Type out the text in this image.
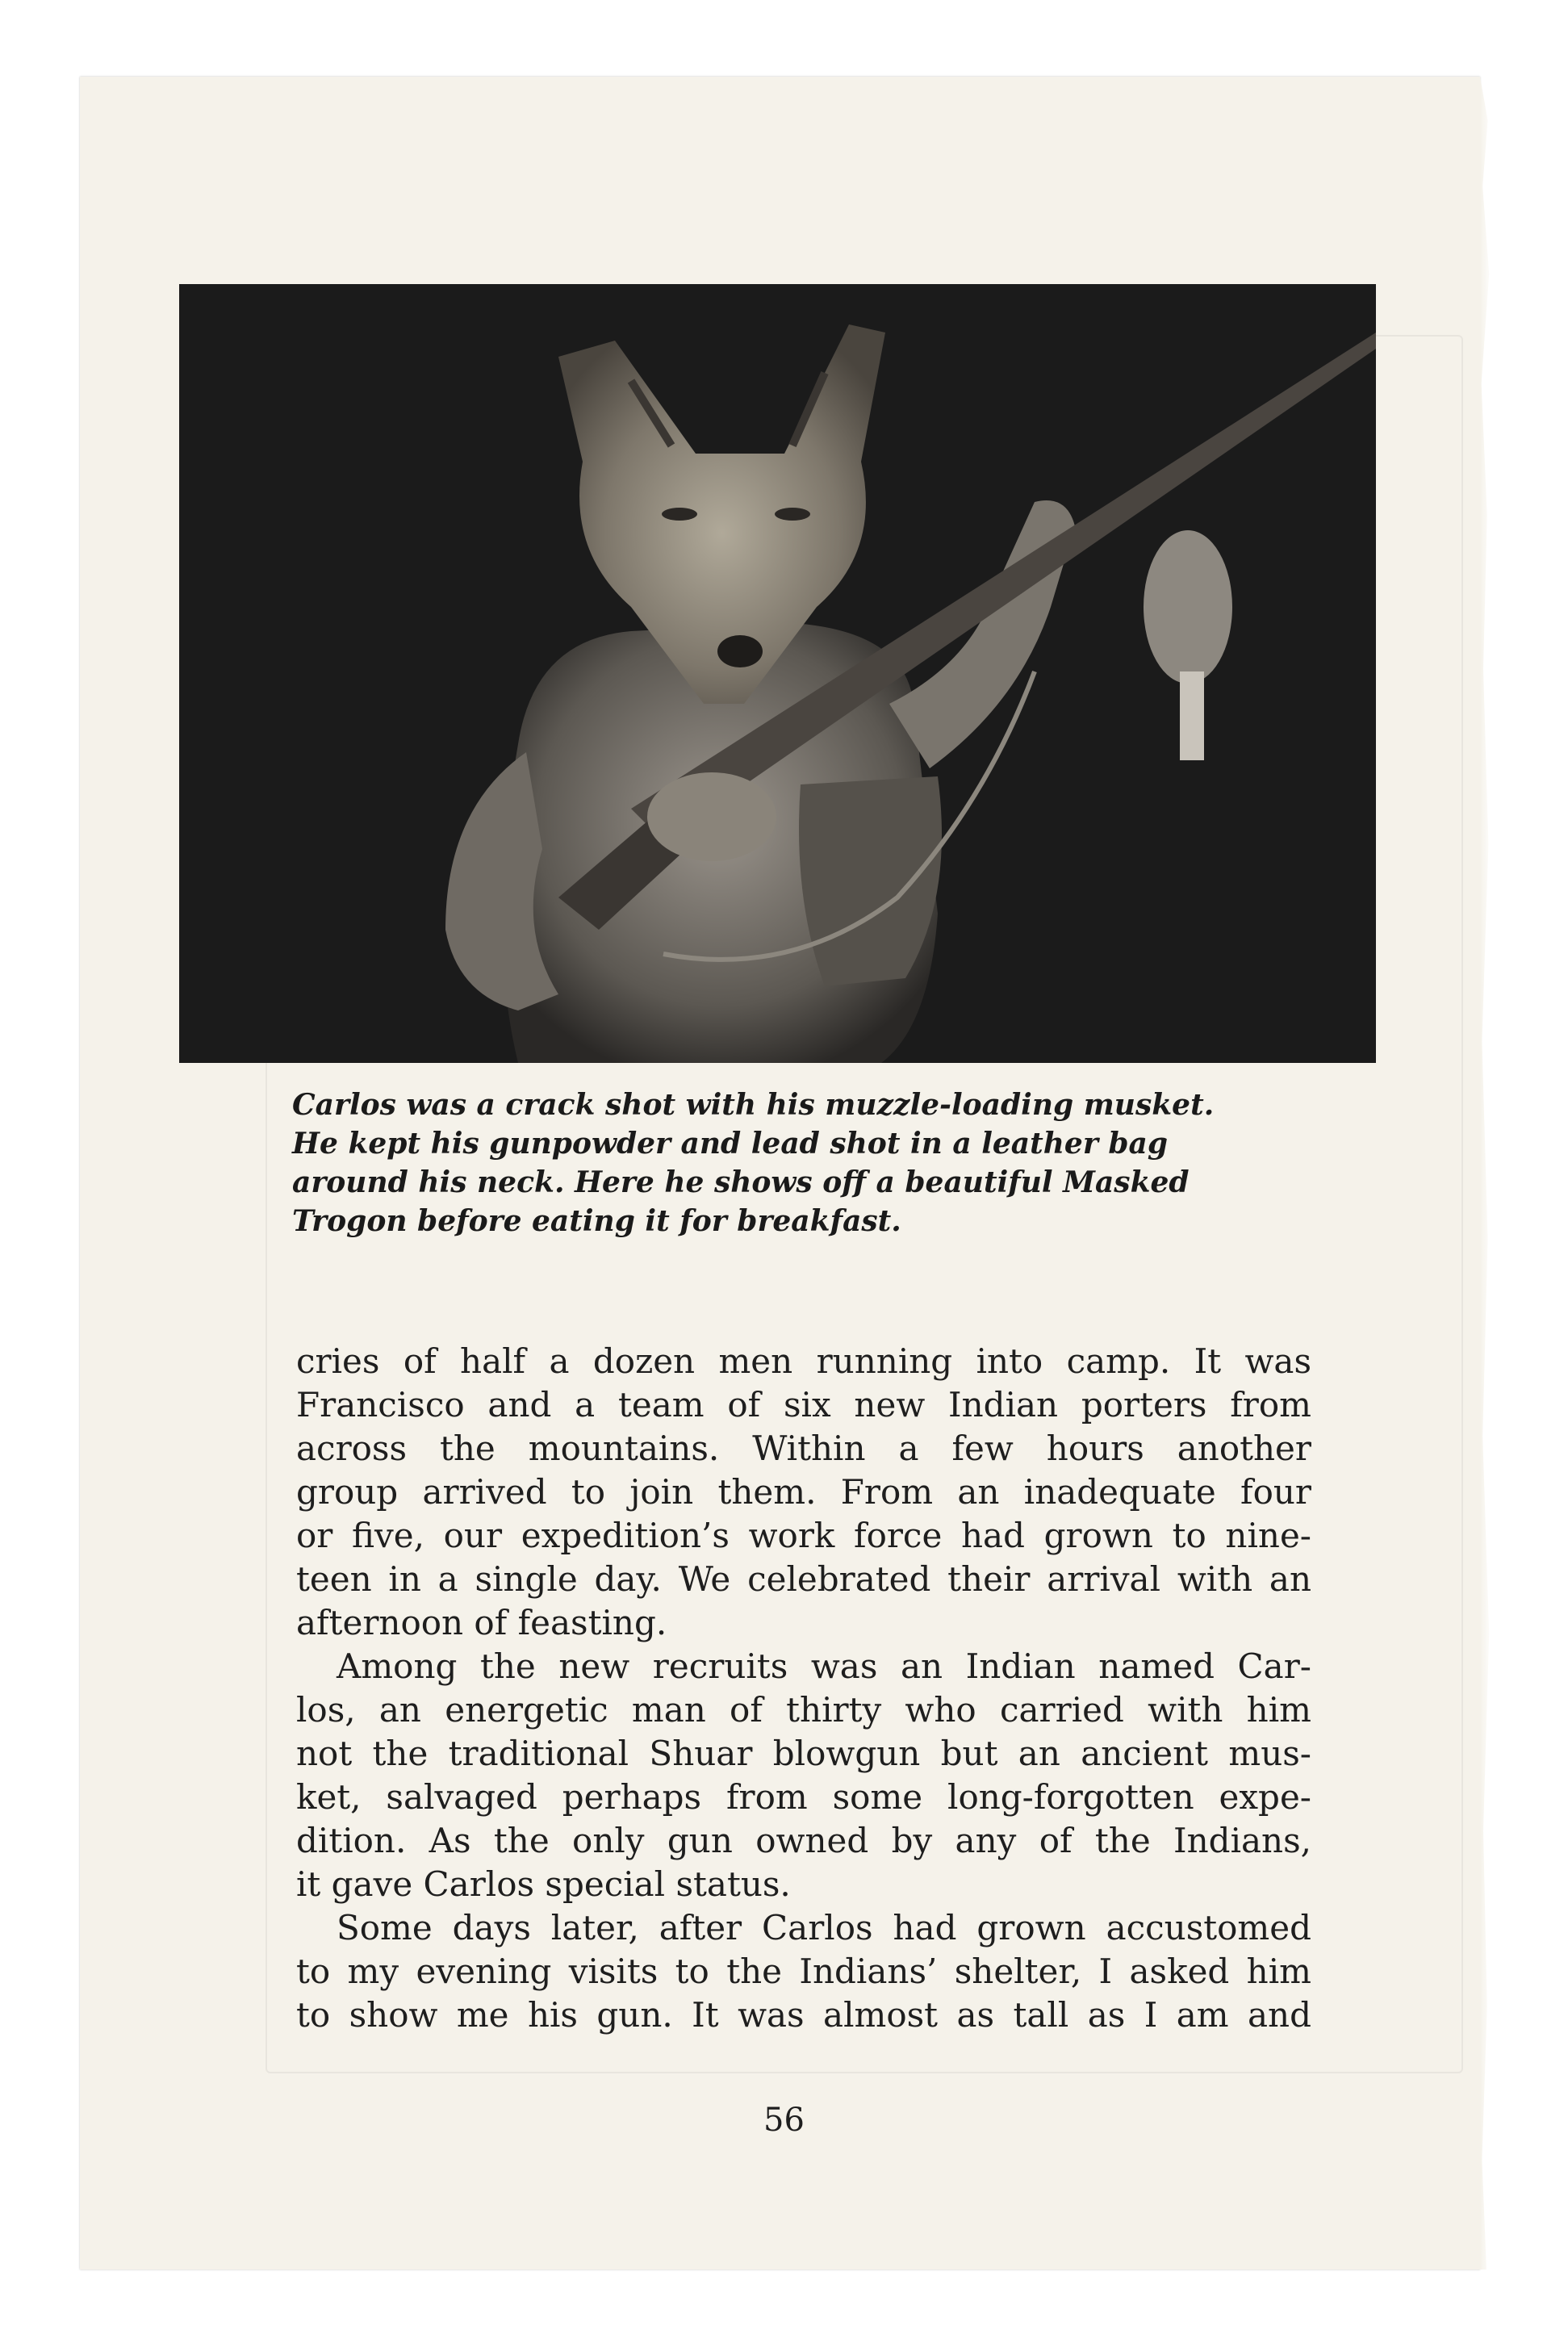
Carlos was a crack shot with his muzzle-loading musket.
He kept his gunpowder and lead shot in a leather bag
around his neck. Here he shows off a beautiful Masked
Trogon before eating it for breakfast.
cries of half a dozen men running into camp. It was
Francisco and a team of six new Indian porters from
across the mountains. Within a few hours another
group arrived to join them. From an inadequate four
or five, our expedition’s work force had grown to nine-
teen in a single day. We celebrated their arrival with an
afternoon of feasting.
Among the new recruits was an Indian named Car-
los, an energetic man of thirty who carried with him
not the traditional Shuar blowgun but an ancient mus-
ket, salvaged perhaps from some long-forgotten expe-
dition. As the only gun owned by any of the Indians,
it gave Carlos special status.
Some days later, after Carlos had grown accustomed
to my evening visits to the Indians’ shelter, I asked him
to show me his gun. It was almost as tall as I am and
56
